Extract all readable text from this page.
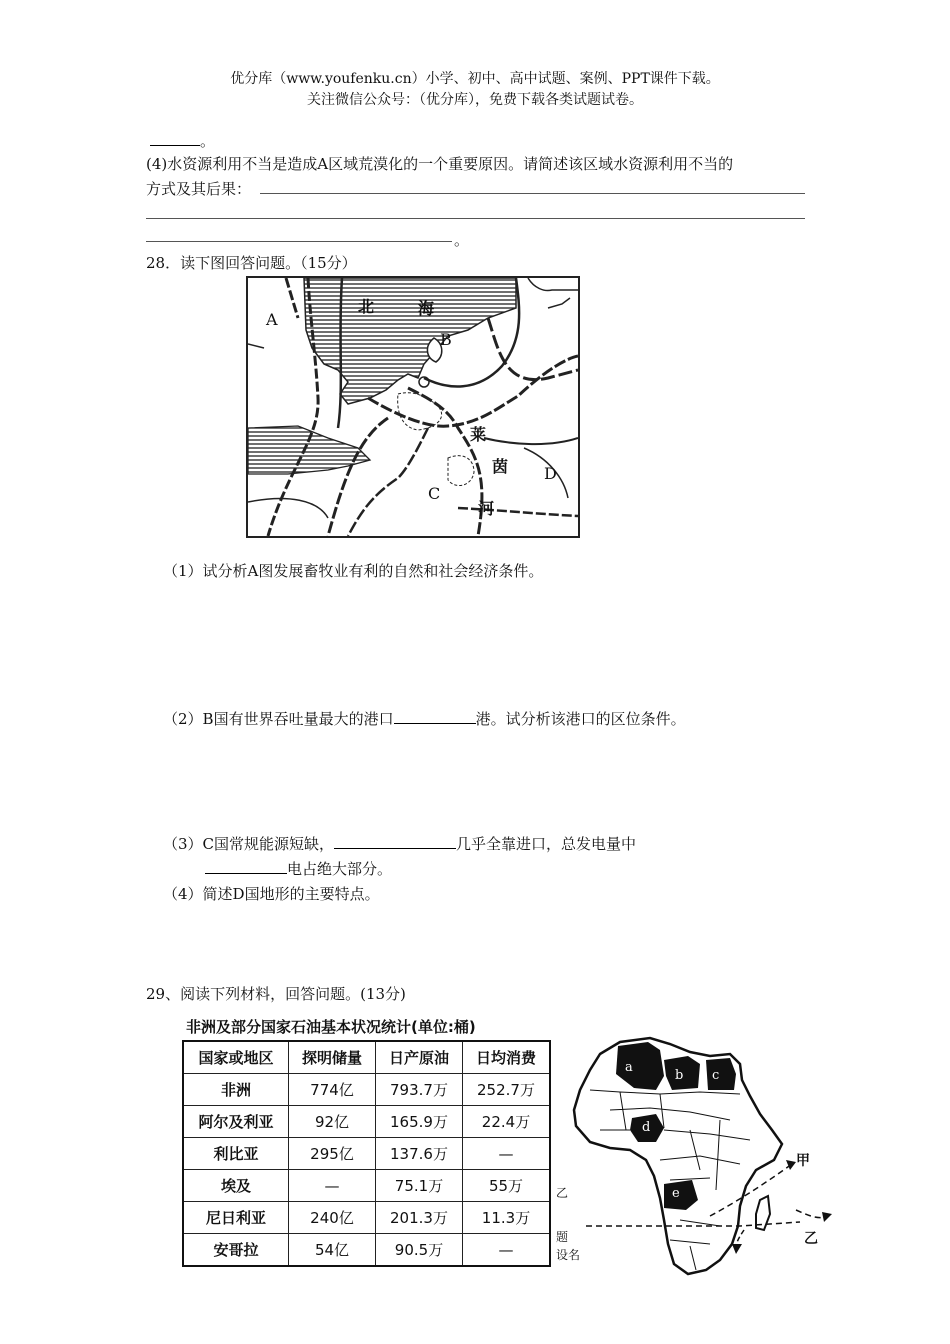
优分库（www.youfenku.cn）小学、初中、高中试题、案例、PPT课件下载。
关注微信公众号：（优分库），免费下载各类试题试卷。
。
(4)水资源利用不当是造成A区域荒漠化的一个重要原因。请简述该区域水资源利用不当的
方式及其后果：
。
28．读下图回答问题。（15分）
北	海
A
B
C
D
莱
茵
河
（1）试分析A图发展畜牧业有利的自然和社会经济条件。
（2）B国有世界吞吐量最大的港口	港。试分析该港口的区位条件。
（3）C国常规能源短缺，	几乎全靠进口，总发电量中
电占绝大部分。
（4）简述D国地形的主要特点。
29、阅读下列材料，回答问题。(13分)
非洲及部分国家石油基本状况统计(单位:桶)
国家或地区	探明储量	日产原油	日均消费
非洲	774亿	793.7万	252.7万
阿尔及利亚	92亿	165.9万	22.4万
利比亚	295亿	137.6万	—
埃及	—	75.1万	55万
尼日利亚	240亿	201.3万	11.3万
安哥拉	54亿	90.5万	—
乙
题
设名
a
b c
d
e
甲
乙
